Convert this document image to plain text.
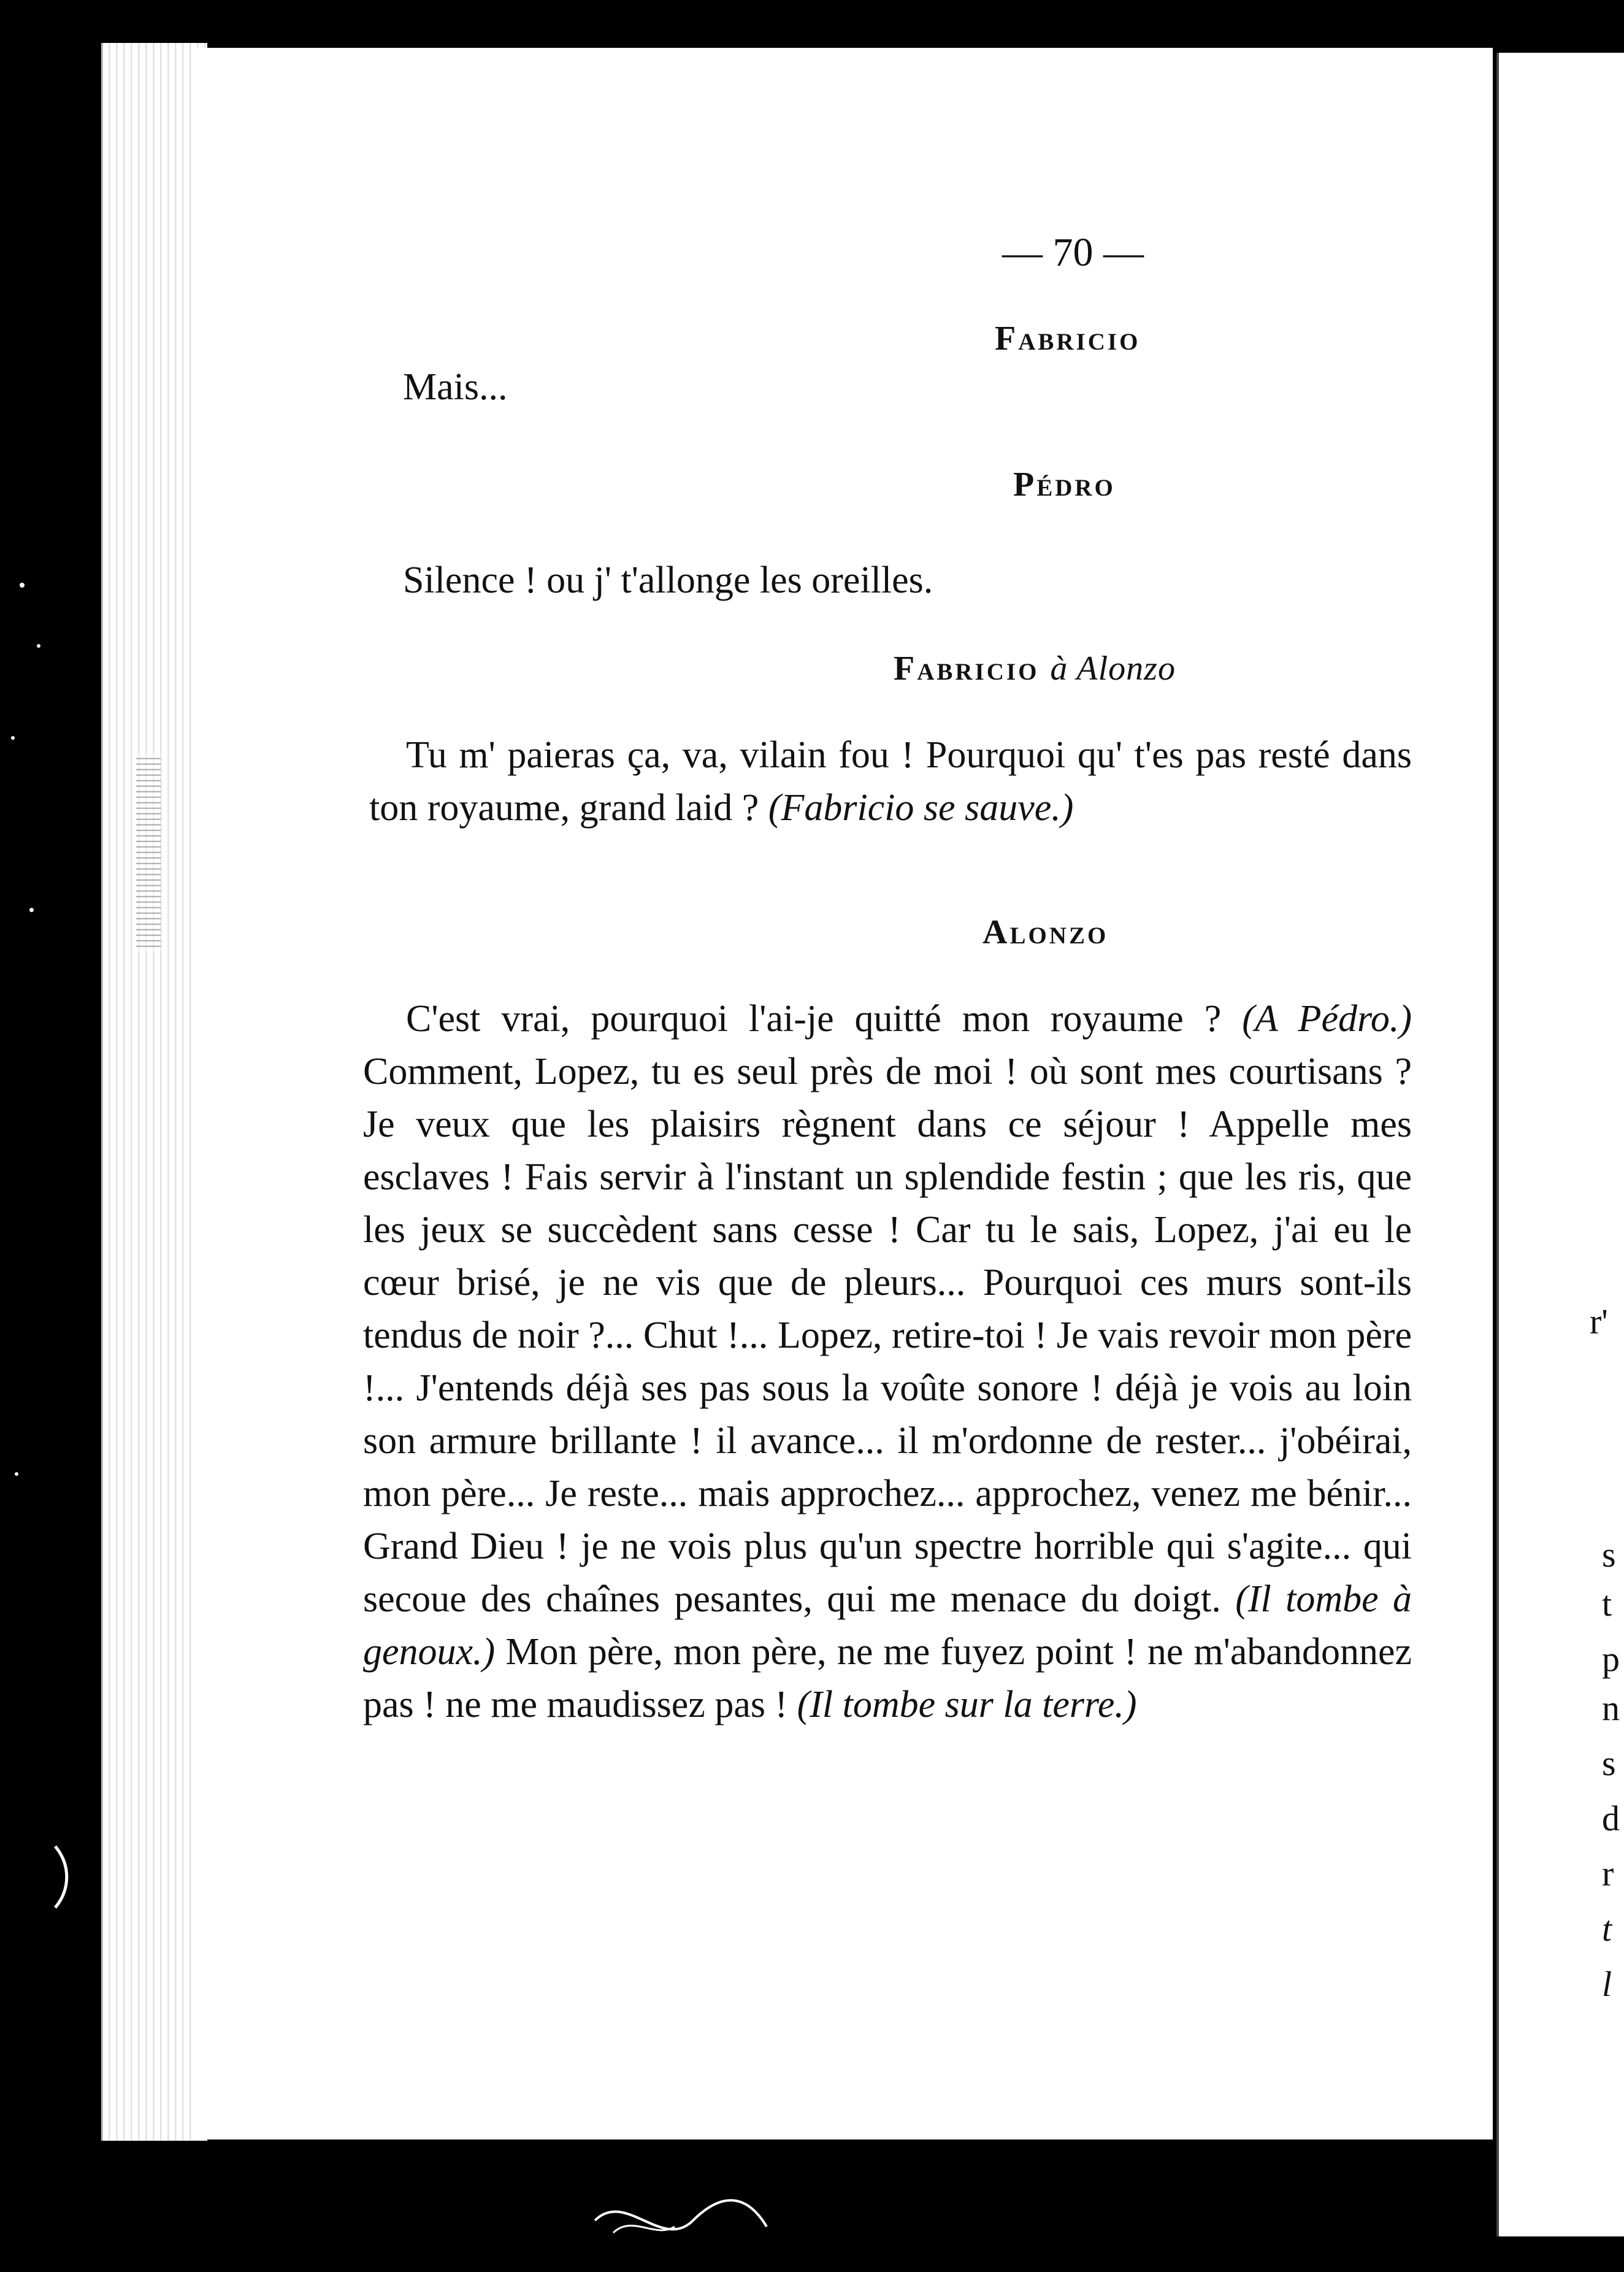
— 70 —
Fabricio
Mais...
Pédro
Silence ! ou j' t'allonge les oreilles.
Fabricio à Alonzo
Tu m' paieras ça, va, vilain fou ! Pourquoi qu' t'es pas resté dans ton royaume, grand laid ? (Fabricio se sauve.)
Alonzo
C'est vrai, pourquoi l'ai-je quitté mon royaume ? (A Pédro.) Comment, Lopez, tu es seul près de moi ! où sont mes courtisans ? Je veux que les plaisirs règnent dans ce séjour ! Appelle mes esclaves ! Fais servir à l'instant un splendide festin ; que les ris, que les jeux se succèdent sans cesse ! Car tu le sais, Lopez, j'ai eu le cœur brisé, je ne vis que de pleurs... Pourquoi ces murs sont-ils tendus de noir ?... Chut !... Lopez, retire-toi ! Je vais revoir mon père !... J'entends déjà ses pas sous la voûte sonore ! déjà je vois au loin son armure brillante ! il avance... il m'ordonne de rester... j'obéirai, mon père... Je reste... mais approchez... approchez, venez me bénir... Grand Dieu ! je ne vois plus qu'un spectre horrible qui s'agite... qui secoue des chaînes pesantes, qui me menace du doigt. (Il tombe à genoux.) Mon père, mon père, ne me fuyez point ! ne m'abandonnez pas ! ne me maudissez pas ! (Il tombe sur la terre.)
r'
s
t
p
n
s
d
r
t
l
